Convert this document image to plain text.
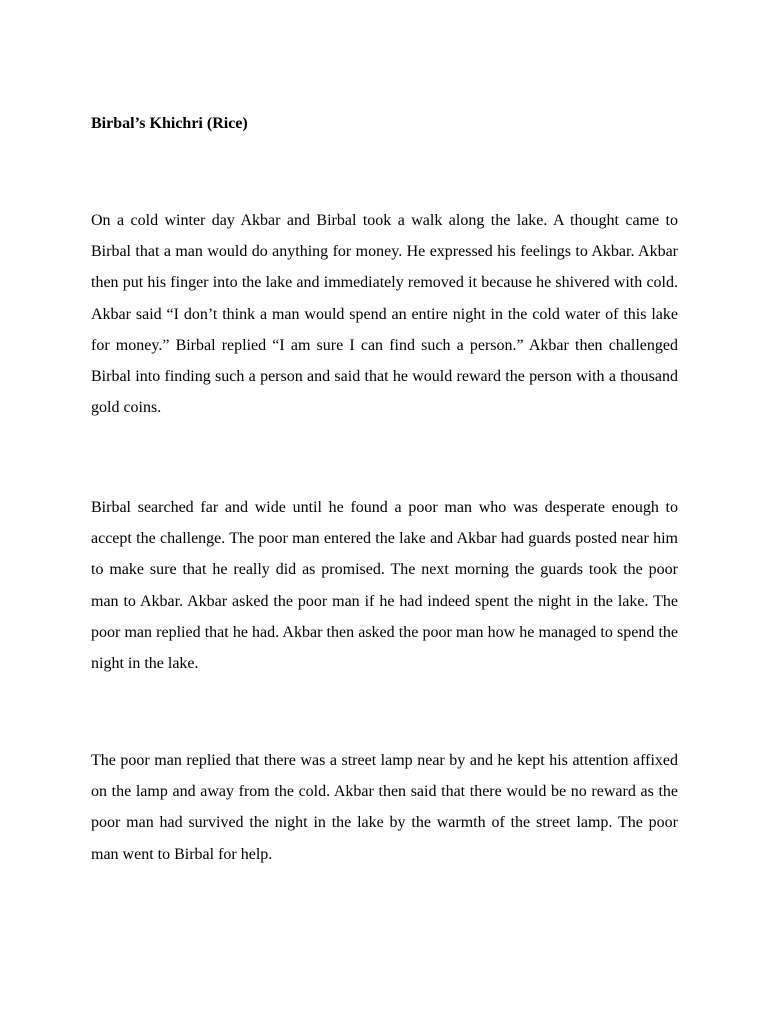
Birbal’s Khichri (Rice)

On a cold winter day Akbar and Birbal took a walk along the lake. A thought came to Birbal that a man would do anything for money. He expressed his feelings to Akbar. Akbar then put his finger into the lake and immediately removed it because he shivered with cold. Akbar said “I don’t think a man would spend an entire night in the cold water of this lake for money.” Birbal replied “I am sure I can find such a person.” Akbar then challenged Birbal into finding such a person and said that he would reward the person with a thousand gold coins.

Birbal searched far and wide until he found a poor man who was desperate enough to accept the challenge. The poor man entered the lake and Akbar had guards posted near him to make sure that he really did as promised. The next morning the guards took the poor man to Akbar. Akbar asked the poor man if he had indeed spent the night in the lake. The poor man replied that he had. Akbar then asked the poor man how he managed to spend the night in the lake.

The poor man replied that there was a street lamp near by and he kept his attention affixed on the lamp and away from the cold. Akbar then said that there would be no reward as the poor man had survived the night in the lake by the warmth of the street lamp. The poor man went to Birbal for help.
